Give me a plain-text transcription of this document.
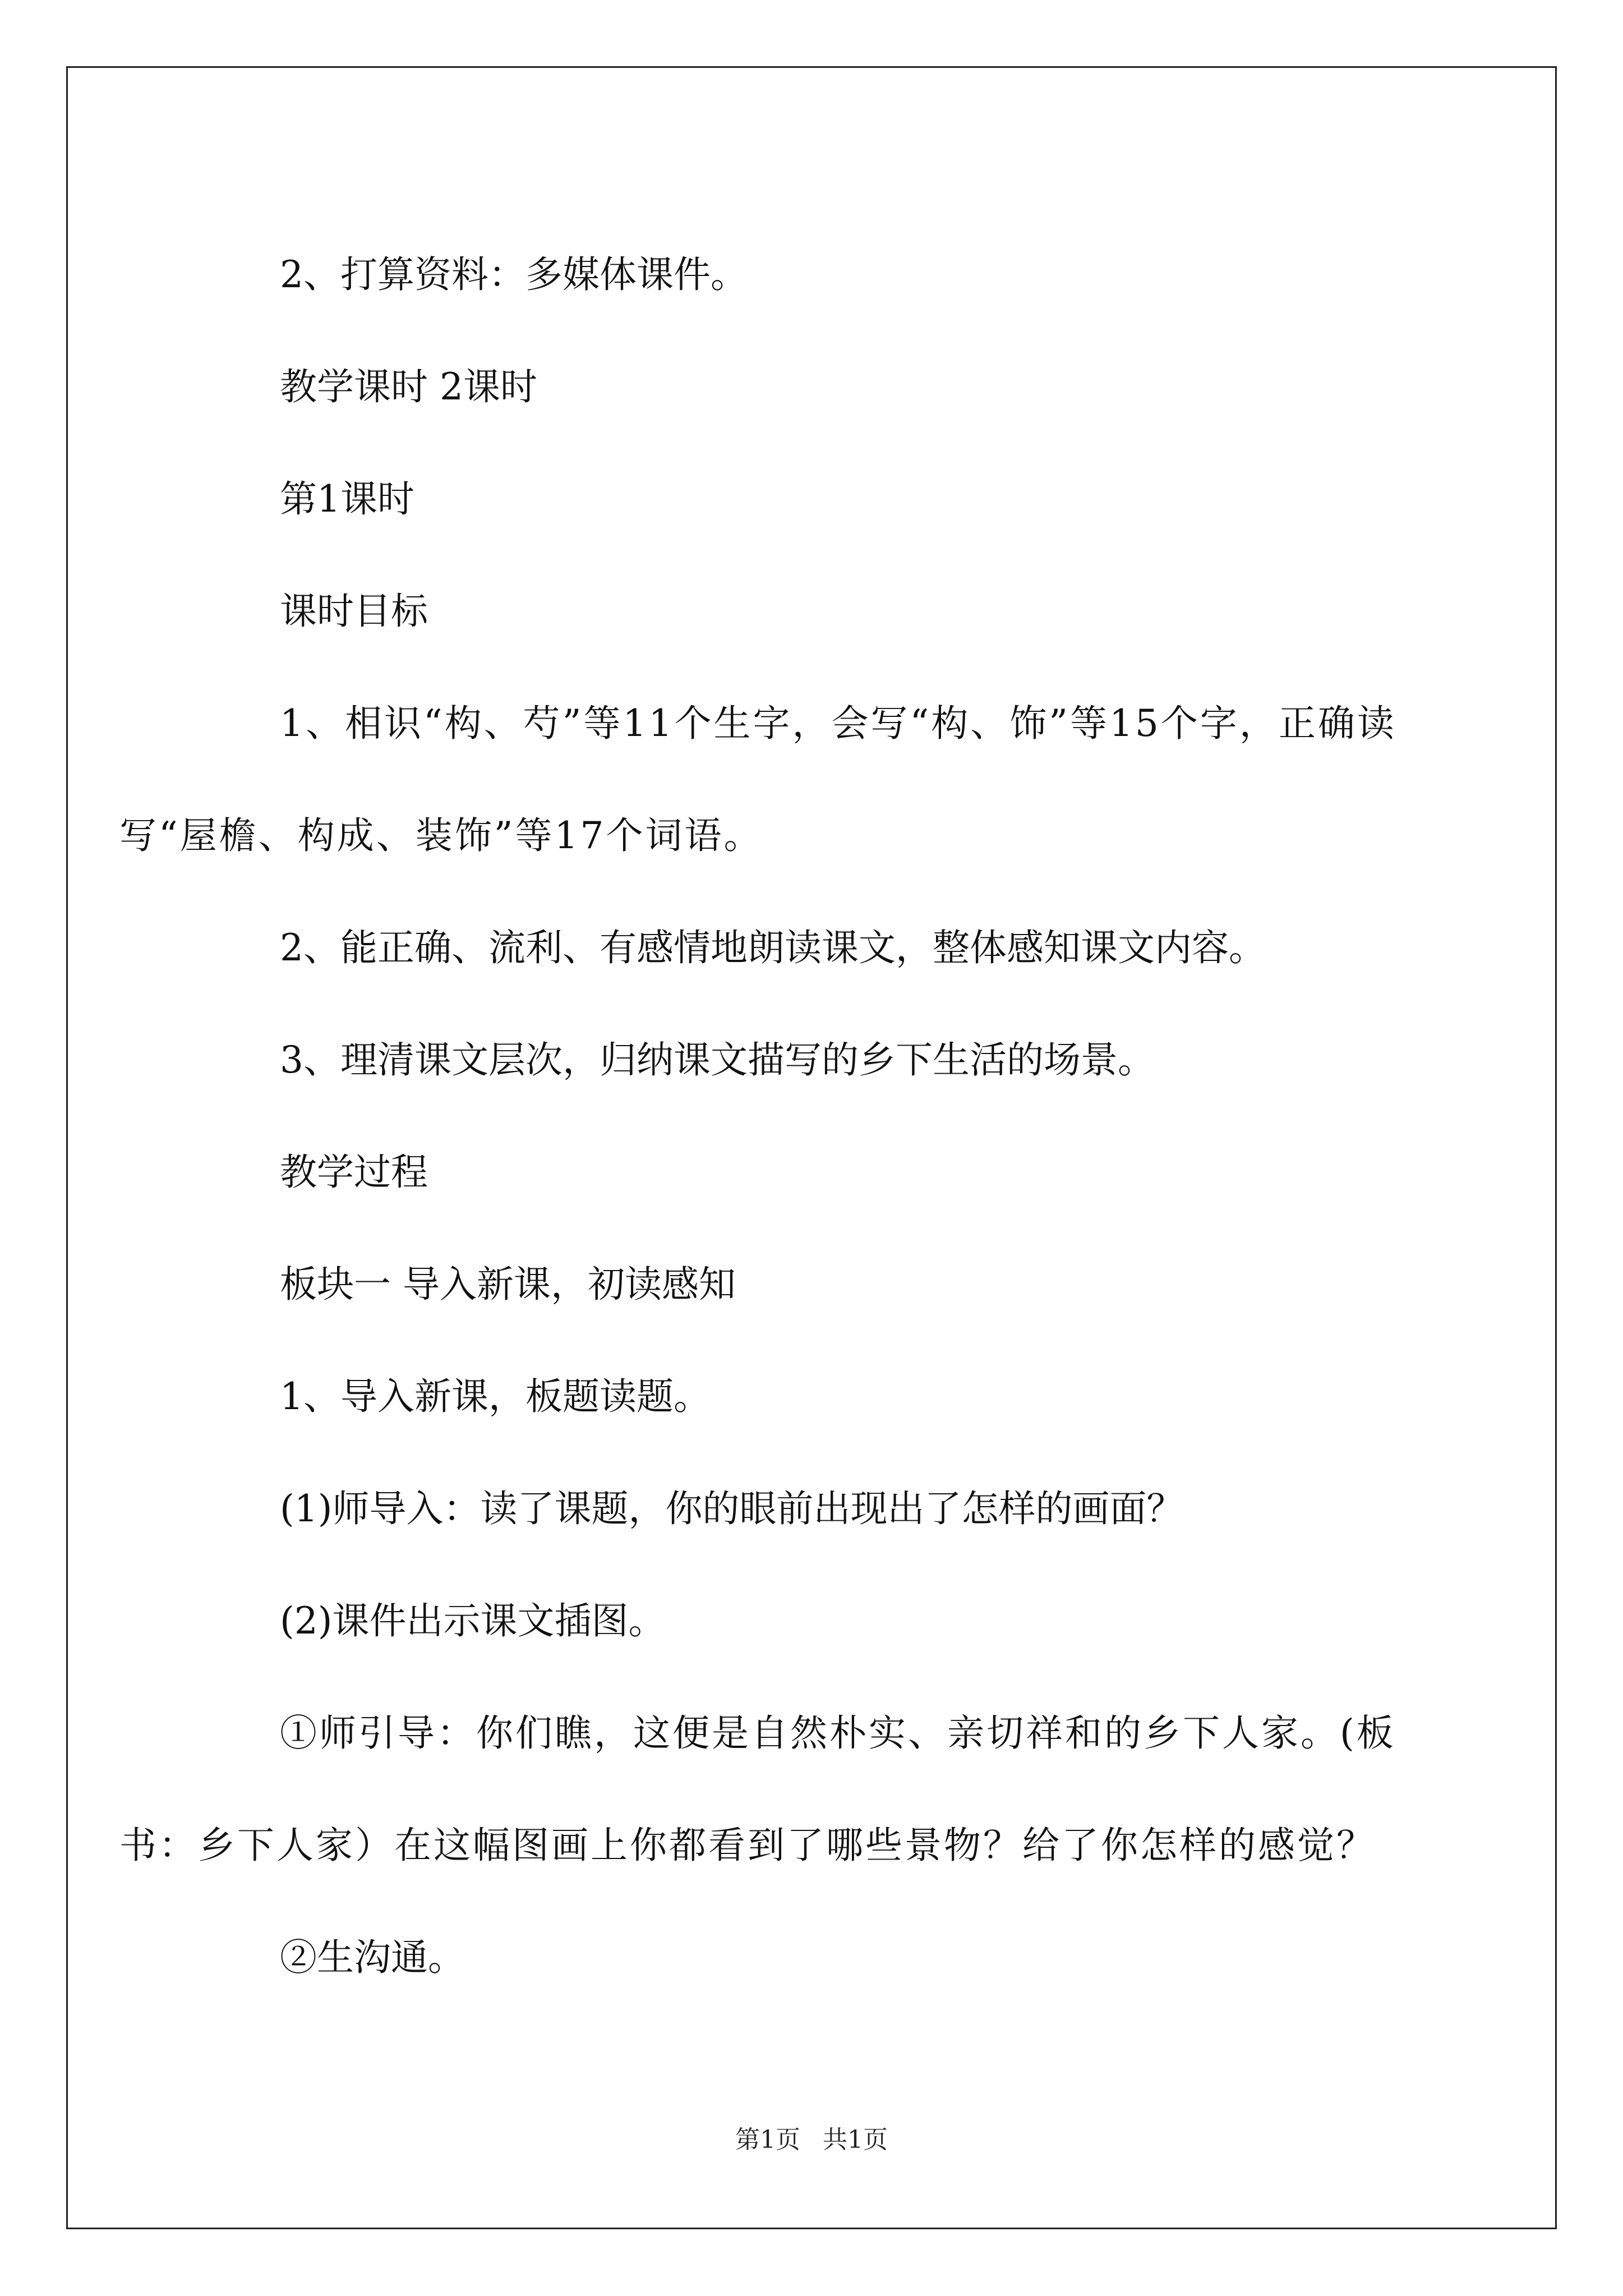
2、打算资料：多媒体课件。

教学课时 2课时

第1课时

课时目标

1、相识“构、芍”等11个生字，会写“构、饰”等15个字，正确读写“屋檐、构成、装饰”等17个词语。

2、能正确、流利、有感情地朗读课文，整体感知课文内容。

3、理清课文层次，归纳课文描写的乡下生活的场景。

教学过程

板块一 导入新课，初读感知

1、导入新课，板题读题。

(1)师导入：读了课题，你的眼前出现出了怎样的画面？

(2)课件出示课文插图。

①师引导：你们瞧，这便是自然朴实、亲切祥和的乡下人家。(板书：乡下人家）在这幅图画上你都看到了哪些景物？给了你怎样的感觉？

②生沟通。

第1页 共1页
